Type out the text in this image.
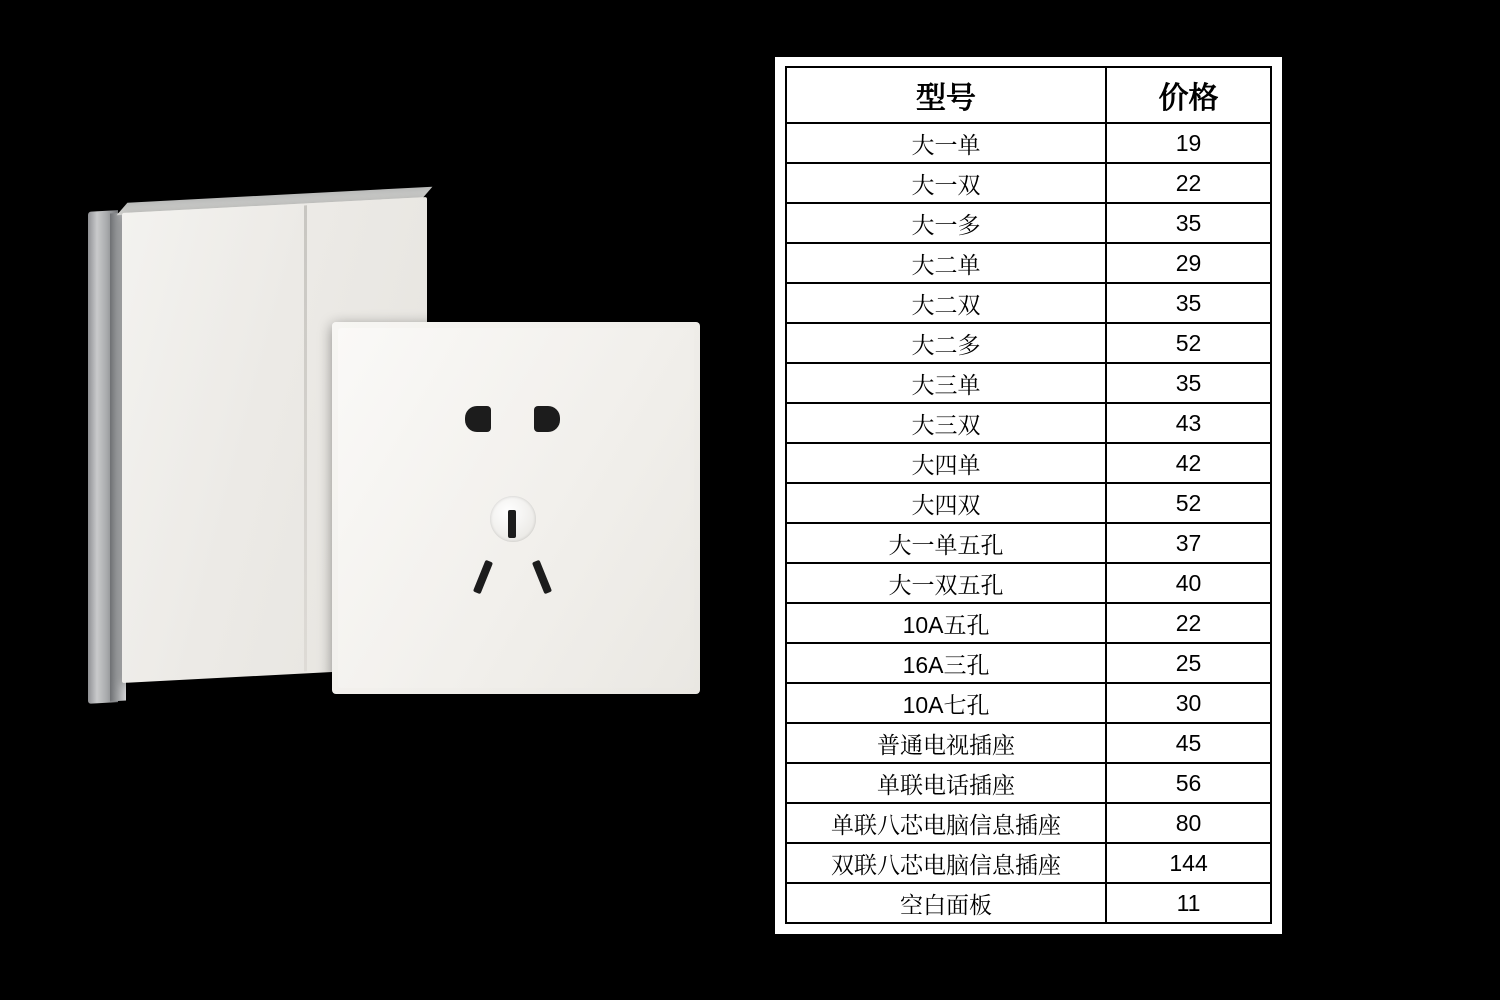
型号	价格
大一单	19
大一双	22
大一多	35
大二单	29
大二双	35
大二多	52
大三单	35
大三双	43
大四单	42
大四双	52
大一单五孔	37
大一双五孔	40
10A五孔	22
16A三孔	25
10A七孔	30
普通电视插座	45
单联电话插座	56
单联八芯电脑信息插座	80
双联八芯电脑信息插座	144
空白面板	11
